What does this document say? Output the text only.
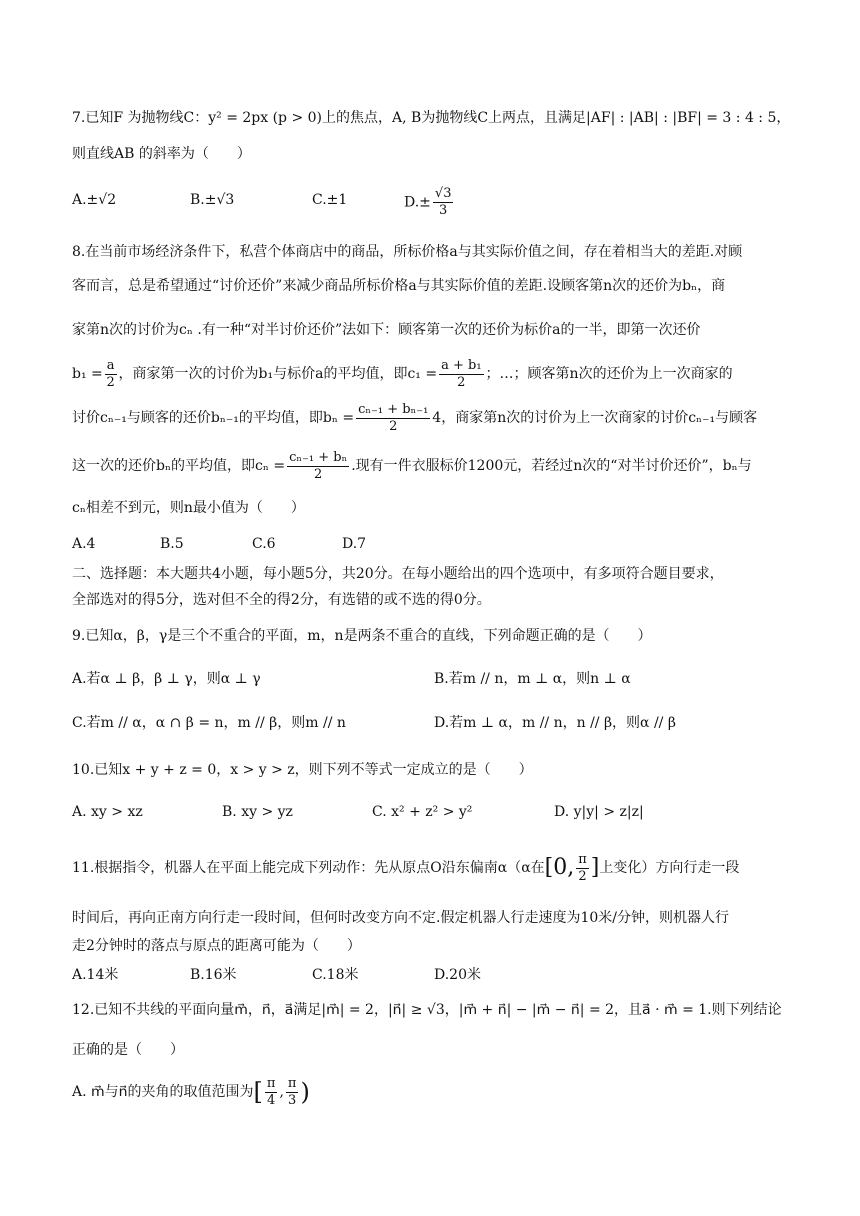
7.已知F 为抛物线C：y² = 2px (p > 0)上的焦点，A, B为抛物线C上两点，且满足|AF| : |AB| : |BF| = 3 : 4 : 5，
则直线AB 的斜率为（　　）
A.±√2	B.±√3	C.±1	$D.\pm \frac{√3}{3}$
8.在当前市场经济条件下，私营个体商店中的商品，所标价格a与其实际价值之间，存在着相当大的差距.对顾
客而言，总是希望通过“讨价还价”来减少商品所标价格a与其实际价值的差距.设顾客第n次的还价为bₙ，商
家第n次的讨价为cₙ .有一种“对半讨价还价”法如下：顾客第一次的还价为标价a的一半，即第一次还价
$b_1 = \frac{a}{2}$ ，商家第一次的讨价为b₁与标价a的平均值，即$c_1 = \frac{\text{a + b₁}}{2}$ ；…；顾客第n次的还价为上一次商家的
讨价cₙ₋₁与顾客的还价bₙ₋₁的平均值，即$b_n = \frac{\text{cₙ₋₁ + bₙ₋₁}}{2} 4$，商家第n次的讨价为上一次商家的讨价cₙ₋₁与顾客
这一次的还价bₙ的平均值，即$c_n = \frac{\text{cₙ₋₁ + bₙ}}{2}$ .现有一件衣服标价1200元，若经过n次的“对半讨价还价”，bₙ与
cₙ相差不到元，则n最小值为（　　）
A.4	B.5	C.6	D.7
二、选择题：本大题共4小题，每小题5分，共20分。在每小题给出的四个选项中，有多项符合题目要求，
全部选对的得5分，选对但不全的得2分，有选错的或不选的得0分。
9.已知α，β，γ是三个不重合的平面，m，n是两条不重合的直线，下列命题正确的是（　　）
A.若α ⊥ β，β ⊥ γ，则α ⊥ γ	B.若m // n，m ⊥ α，则n ⊥ α
C.若m // α，α ∩ β = n，m // β，则m // n	D.若m ⊥ α，m // n，n // β，则α // β
10.已知x + y + z = 0，x > y > z，则下列不等式一定成立的是（　　）
A. xy > xz	B. xy > yz	C. x² + z² > y²	D. y|y| > z|z|
11.根据指令，机器人在平面上能完成下列动作：先从原点O沿东偏南α（α在[0, $\frac{\pi}{2}$ ]上变化）方向行走一段
时间后，再向正南方向行走一段时间，但何时改变方向不定.假定机器人行走速度为10米/分钟，则机器人行
走2分钟时的落点与原点的距离可能为（　　）
A.14米	B.16米	C.18米	D.20米
12.已知不共线的平面向量m⃗，n⃗，a⃗满足|m⃗| = 2，|n⃗| ≥ √3，|m⃗ + n⃗| − |m⃗ − n⃗| = 2，且a⃗ · m⃗ = 1.则下列结论
正确的是（　　）
A. m⃗与n⃗的夹角的取值范围为[ $\frac{\pi}{4}$ , $\frac{\pi}{3}$ )
